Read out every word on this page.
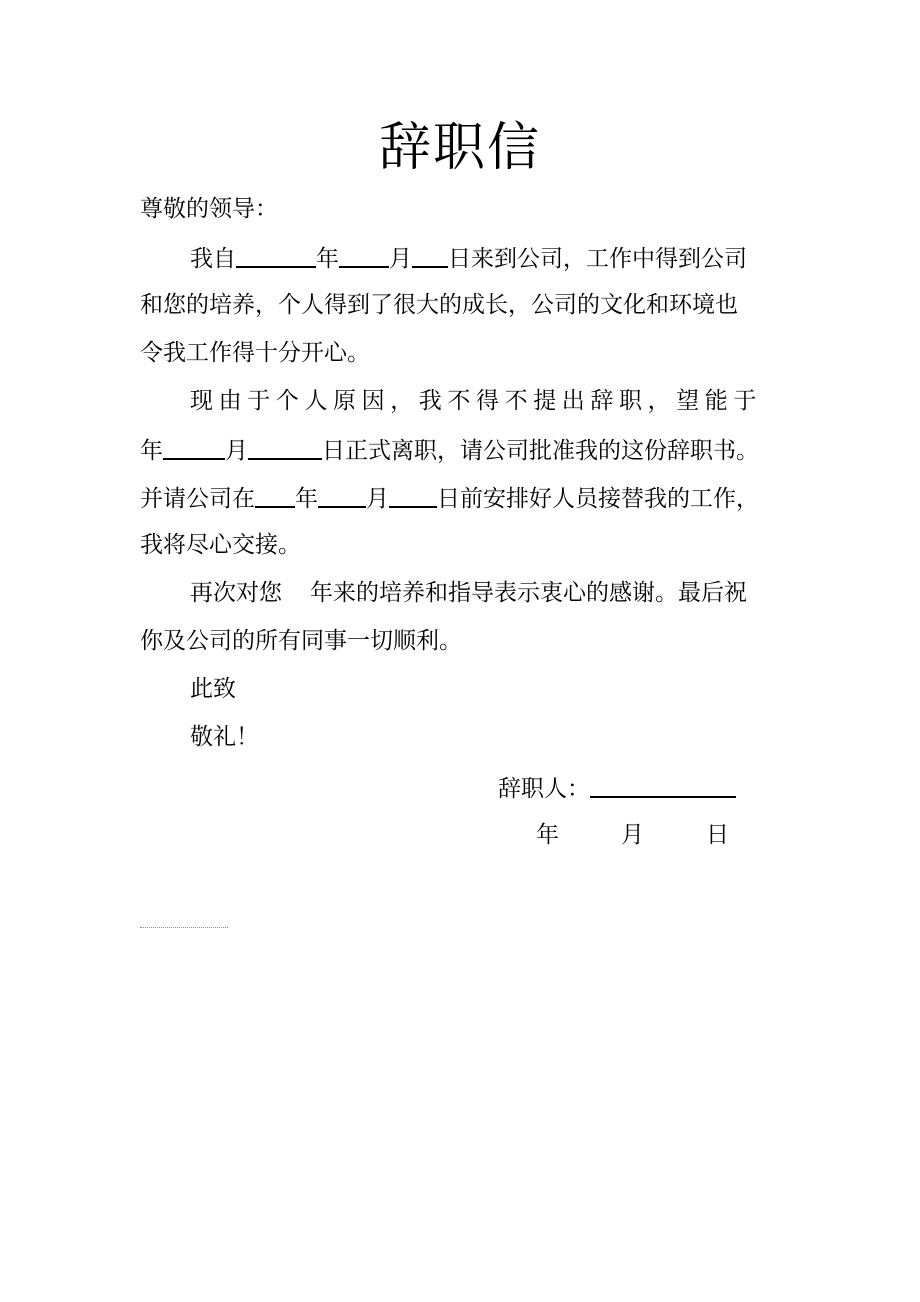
辞职信
尊敬的领导：
我自	年 月 日来到公司，工作中得到公司
和您的培养，个人得到了很大的成长，公司的文化和环境也
令我工作得十分开心。
现由于个人原因，我不得不提出辞职，望能于
年	月	日正式离职，请公司批准我的这份辞职书。
并请公司在 年 月 日前安排好人员接替我的工作，
我将尽心交接。
再次对您 年来的培养和指导表示衷心的感谢。最后祝
你及公司的所有同事一切顺利。
此致
敬礼！
辞职人：
年	月	日
